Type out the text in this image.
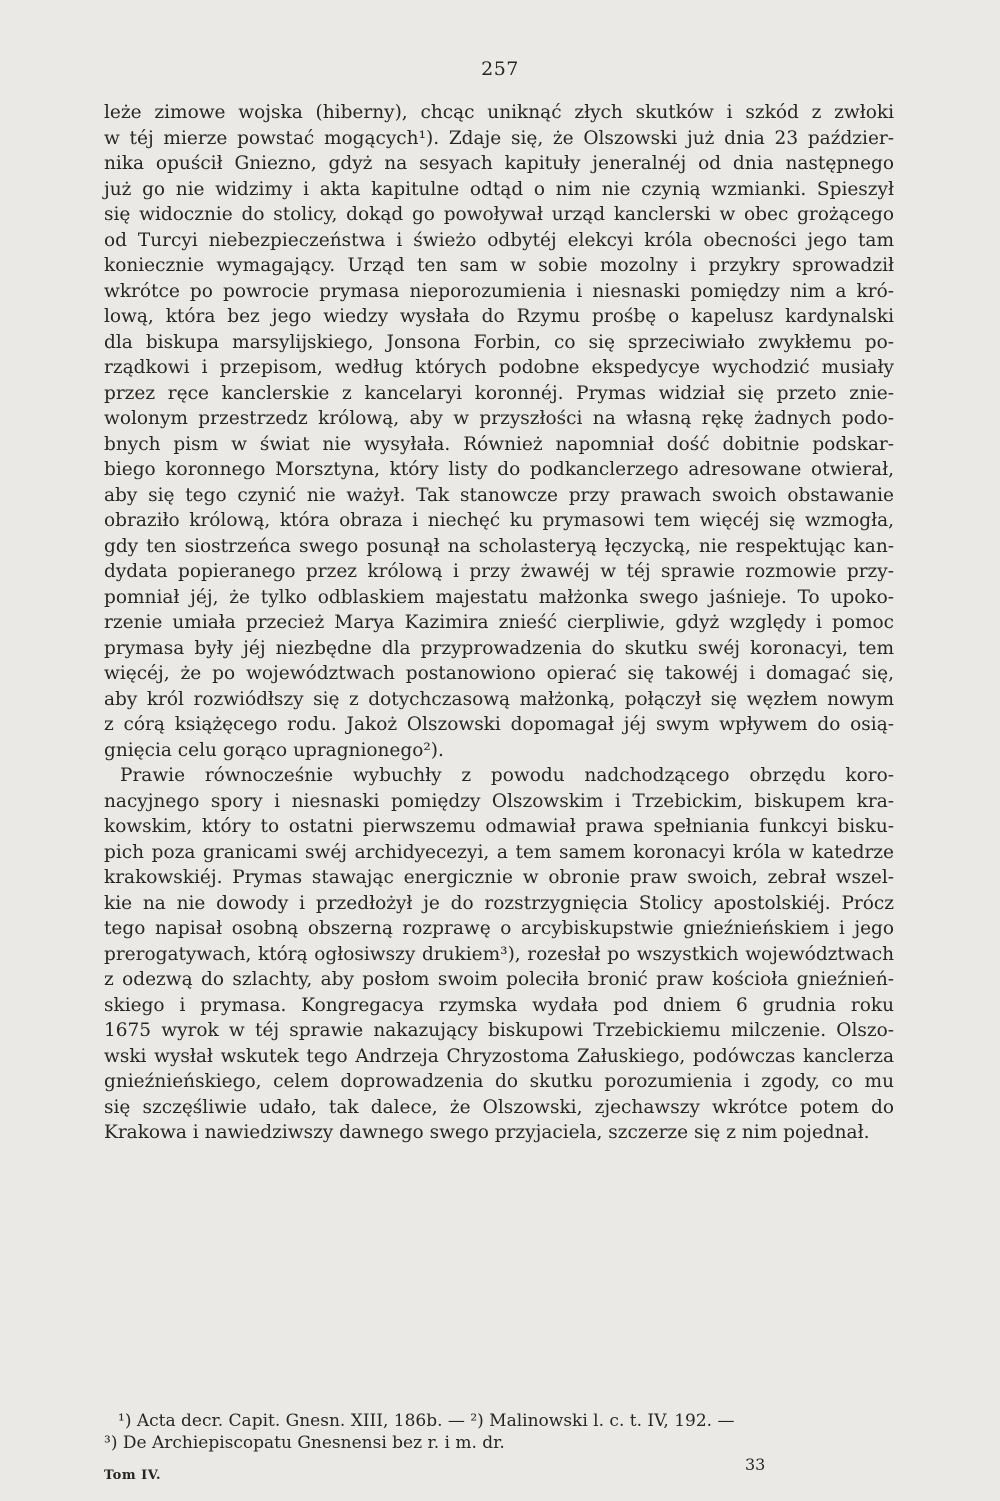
257
leże zimowe wojska (hiberny), chcąc uniknąć złych skutków i szkód z zwłoki
w téj mierze powstać mogących¹). Zdaje się, że Olszowski już dnia 23 paździer-
nika opuścił Gniezno, gdyż na sesyach kapituły jeneralnéj od dnia następnego
już go nie widzimy i akta kapitulne odtąd o nim nie czynią wzmianki. Spieszył
się widocznie do stolicy, dokąd go powoływał urząd kanclerski w obec grożącego
od Turcyi niebezpieczeństwa i świeżo odbytéj elekcyi króla obecności jego tam
koniecznie wymagający. Urząd ten sam w sobie mozolny i przykry sprowadził
wkrótce po powrocie prymasa nieporozumienia i niesnaski pomiędzy nim a kró-
lową, która bez jego wiedzy wysłała do Rzymu prośbę o kapelusz kardynalski
dla biskupa marsylijskiego, Jonsona Forbin, co się sprzeciwiało zwykłemu po-
rządkowi i przepisom, według których podobne ekspedycye wychodzić musiały
przez ręce kanclerskie z kancelaryi koronnéj. Prymas widział się przeto znie-
wolonym przestrzedz królową, aby w przyszłości na własną rękę żadnych podo-
bnych pism w świat nie wysyłała. Również napomniał dość dobitnie podskar-
biego koronnego Morsztyna, który listy do podkanclerzego adresowane otwierał,
aby się tego czynić nie ważył. Tak stanowcze przy prawach swoich obstawanie
obraziło królową, która obraza i niechęć ku prymasowi tem więcéj się wzmogła,
gdy ten siostrzeńca swego posunął na scholasteryą łęczycką, nie respektując kan-
dydata popieranego przez królową i przy żwawéj w téj sprawie rozmowie przy-
pomniał jéj, że tylko odblaskiem majestatu małżonka swego jaśnieje. To upoko-
rzenie umiała przecież Marya Kazimira znieść cierpliwie, gdyż względy i pomoc
prymasa były jéj niezbędne dla przyprowadzenia do skutku swéj koronacyi, tem
więcéj, że po województwach postanowiono opierać się takowéj i domagać się,
aby król rozwiódłszy się z dotychczasową małżonką, połączył się węzłem nowym
z córą książęcego rodu. Jakoż Olszowski dopomagał jéj swym wpływem do osią-
gnięcia celu gorąco upragnionego²).
Prawie równocześnie wybuchły z powodu nadchodzącego obrzędu koro-
nacyjnego spory i niesnaski pomiędzy Olszowskim i Trzebickim, biskupem kra-
kowskim, który to ostatni pierwszemu odmawiał prawa spełniania funkcyi bisku-
pich poza granicami swéj archidyecezyi, a tem samem koronacyi króla w katedrze
krakowskiéj. Prymas stawając energicznie w obronie praw swoich, zebrał wszel-
kie na nie dowody i przedłożył je do rozstrzygnięcia Stolicy apostolskiéj. Prócz
tego napisał osobną obszerną rozprawę o arcybiskupstwie gnieźnieńskiem i jego
prerogatywach, którą ogłosiwszy drukiem³), rozesłał po wszystkich województwach
z odezwą do szlachty, aby posłom swoim poleciła bronić praw kościoła gnieźnień-
skiego i prymasa. Kongregacya rzymska wydała pod dniem 6 grudnia roku
1675 wyrok w téj sprawie nakazujący biskupowi Trzebickiemu milczenie. Olszo-
wski wysłał wskutek tego Andrzeja Chryzostoma Załuskiego, podówczas kanclerza
gnieźnieńskiego, celem doprowadzenia do skutku porozumienia i zgody, co mu
się szczęśliwie udało, tak dalece, że Olszowski, zjechawszy wkrótce potem do
Krakowa i nawiedziwszy dawnego swego przyjaciela, szczerze się z nim pojednał.
¹) Acta decr. Capit. Gnesn. XIII, 186b. — ²) Malinowski l. c. t. IV, 192. —
³) De Archiepiscopatu Gnesnensi bez r. i m. dr.
Tom IV.
33
